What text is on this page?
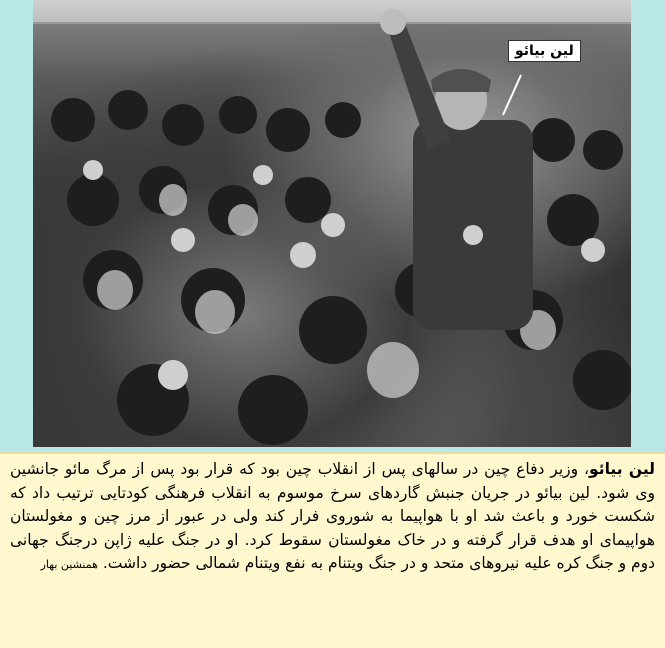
لین بیائو
لین بیائو، وزیر دفاع چین در سالهای پس از انقلاب چین بود که قرار بود پس از مرگ مائو جانشین وی شود. لین بیائو در جریان جنبش گاردهای سرخ موسوم به انقلاب فرهنگی کودتایی ترتیب داد که شکست خورد و باعث شد او با هواپیما به شوروی فرار کند ولی در عبور از مرز چین و مغولستان هواپیمای او هدف قرار گرفته و در خاک مغولستان سقوط کرد. او در جنگ علیه ژاپن درجنگ جهانی دوم و جنگ کره علیه نیروهای متحد و در جنگ ویتنام به نفع ویتنام شمالی حضور داشت. همنشین بهار
